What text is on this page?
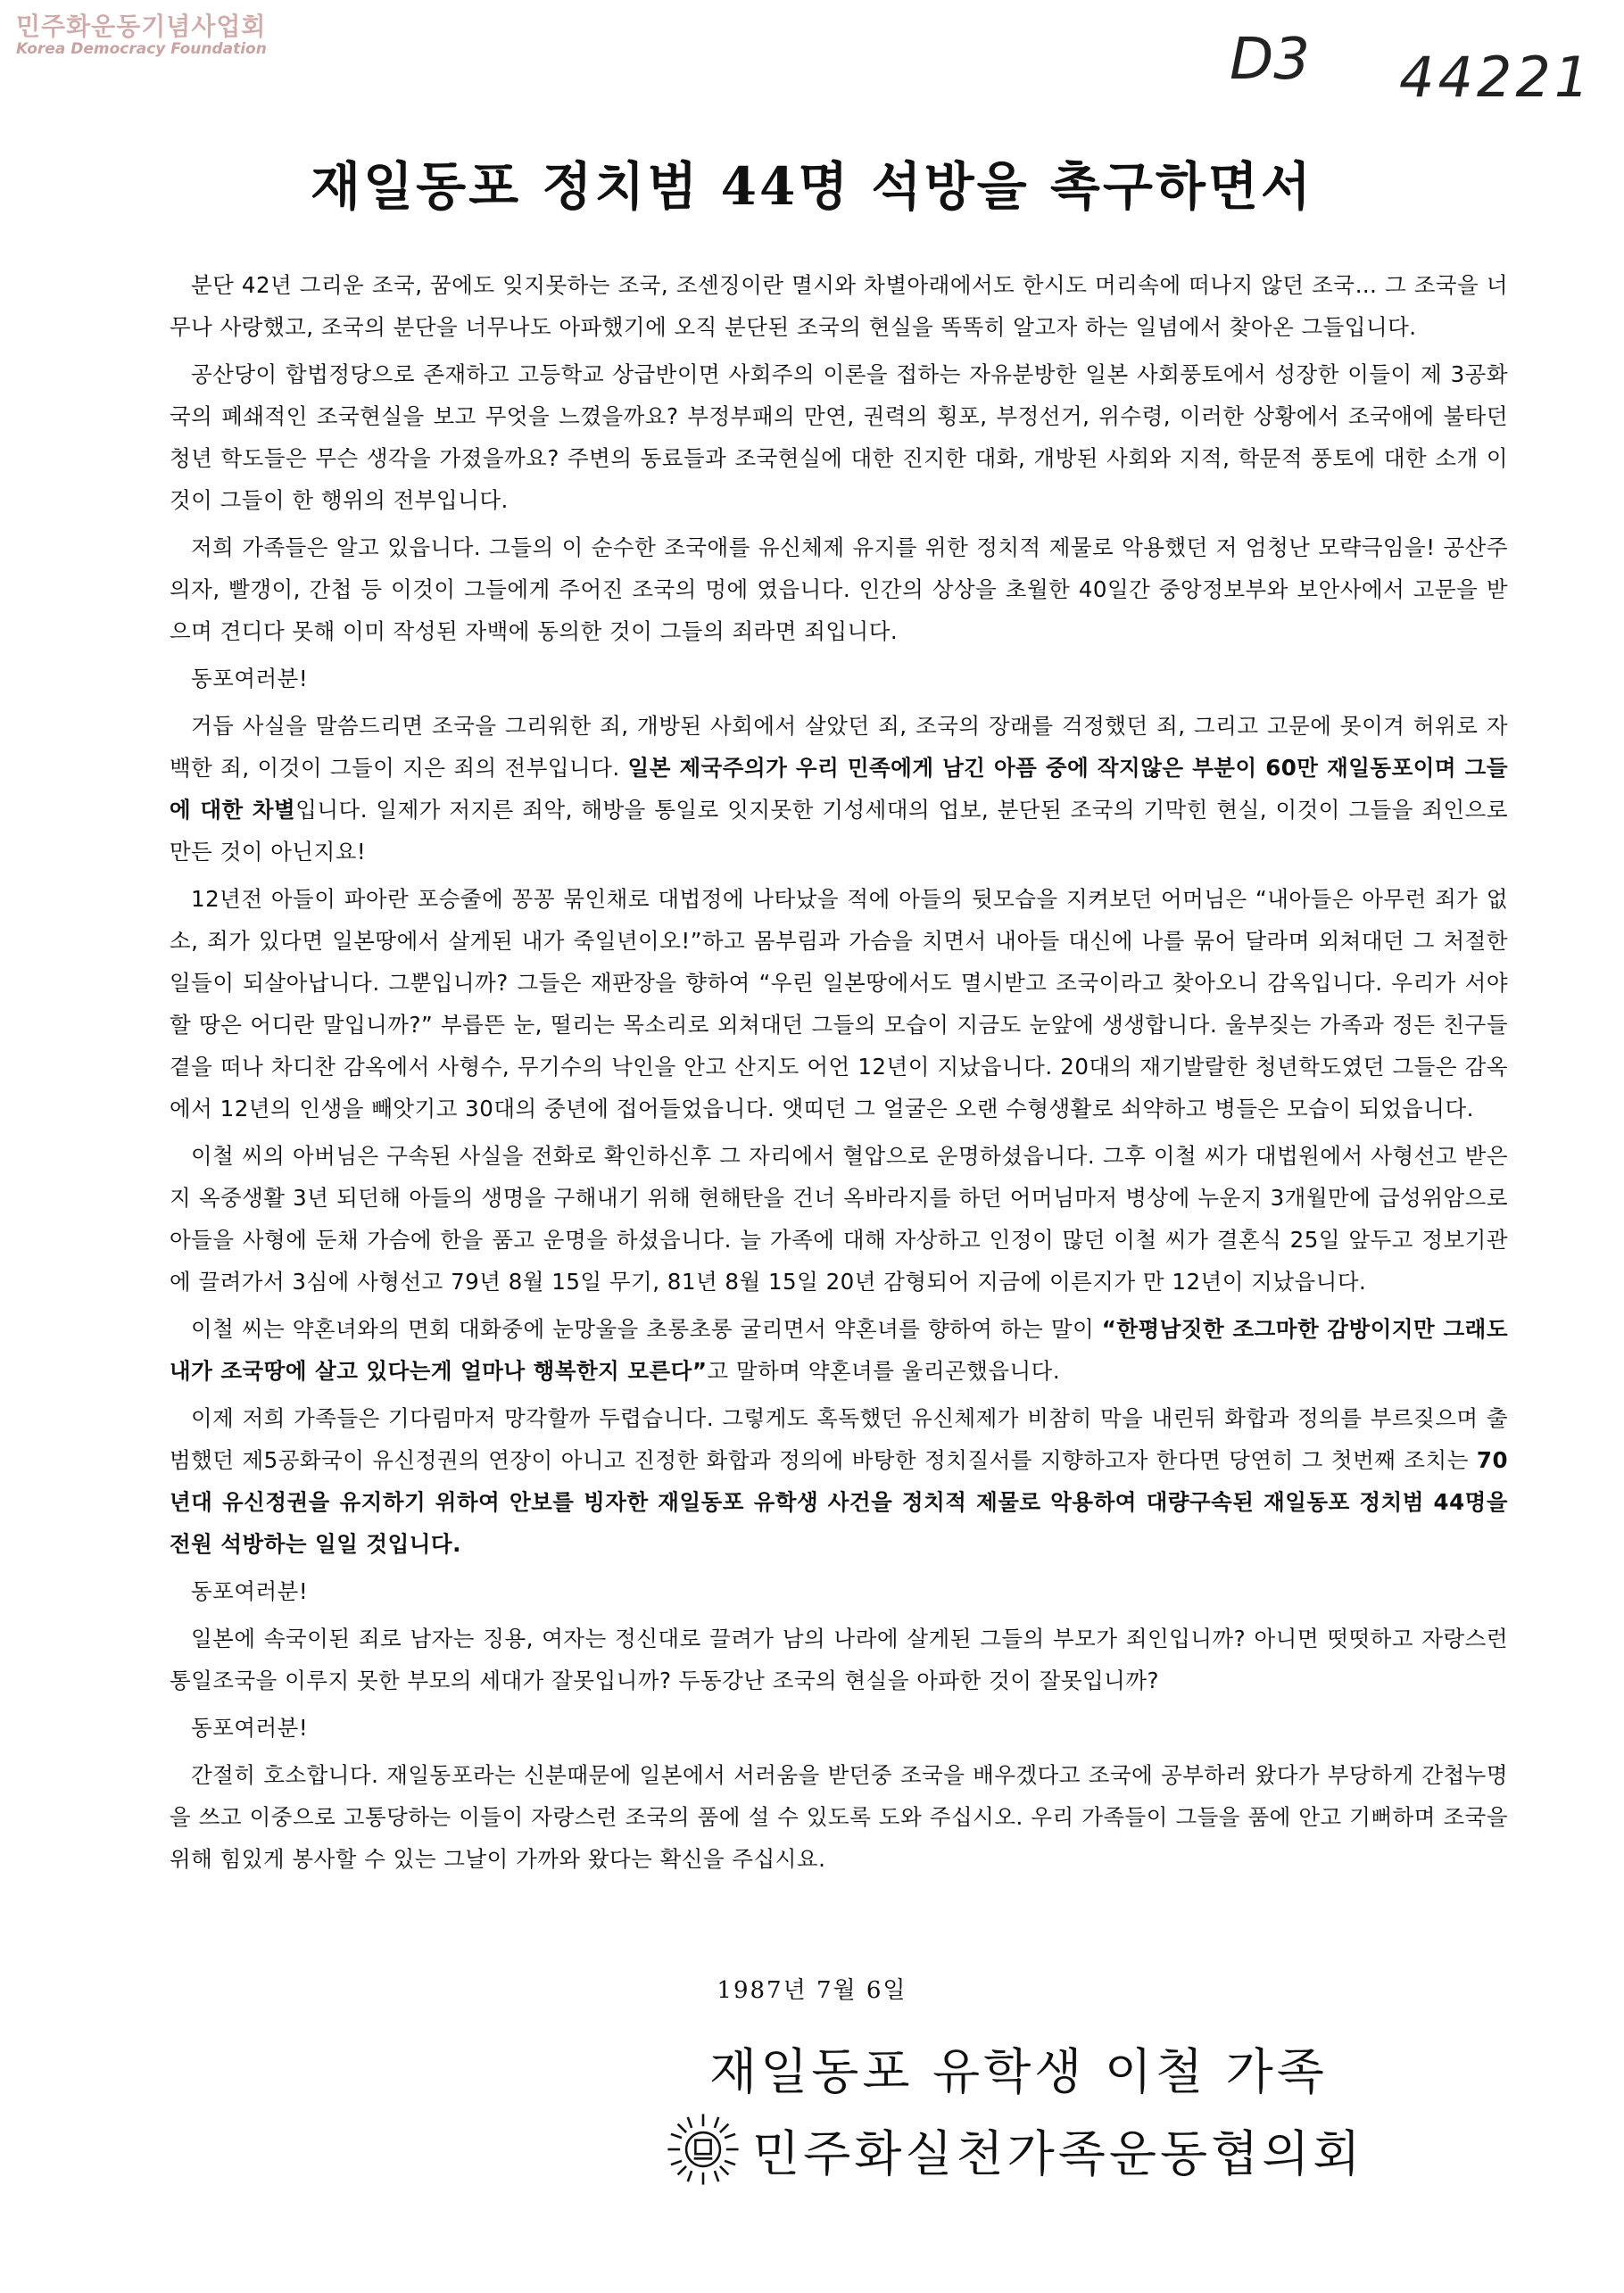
민주화운동기념사업회
Korea Democracy Foundation	D3 44221
재일동포 정치범 44명 석방을 촉구하면서

분단 42년 그리운 조국, 꿈에도 잊지못하는 조국, 조센징이란 멸시와 차별아래에서도 한시도 머리속에 떠나지 않던 조국… 그 조국을 너무나 사랑했고, 조국의 분단을 너무나도 아파했기에 오직 분단된 조국의 현실을 똑똑히 알고자 하는 일념에서 찾아온 그들입니다.

공산당이 합법정당으로 존재하고 고등학교 상급반이면 사회주의 이론을 접하는 자유분방한 일본 사회풍토에서 성장한 이들이 제 3공화국의 폐쇄적인 조국현실을 보고 무엇을 느꼈을까요? 부정부패의 만연, 권력의 횡포, 부정선거, 위수령, 이러한 상황에서 조국애에 불타던 청년 학도들은 무슨 생각을 가졌을까요? 주변의 동료들과 조국현실에 대한 진지한 대화, 개방된 사회와 지적, 학문적 풍토에 대한 소개 이것이 그들이 한 행위의 전부입니다.

저희 가족들은 알고 있읍니다. 그들의 이 순수한 조국애를 유신체제 유지를 위한 정치적 제물로 악용했던 저 엄청난 모략극임을! 공산주의자, 빨갱이, 간첩 등 이것이 그들에게 주어진 조국의 멍에 였읍니다. 인간의 상상을 초월한 40일간 중앙정보부와 보안사에서 고문을 받으며 견디다 못해 이미 작성된 자백에 동의한 것이 그들의 죄라면 죄입니다.

동포여러분!

거듭 사실을 말씀드리면 조국을 그리워한 죄, 개방된 사회에서 살았던 죄, 조국의 장래를 걱정했던 죄, 그리고 고문에 못이겨 허위로 자백한 죄, 이것이 그들이 지은 죄의 전부입니다. 일본 제국주의가 우리 민족에게 남긴 아픔 중에 작지않은 부분이 60만 재일동포이며 그들에 대한 차별입니다. 일제가 저지른 죄악, 해방을 통일로 잇지못한 기성세대의 업보, 분단된 조국의 기막힌 현실, 이것이 그들을 죄인으로 만든 것이 아닌지요!

12년전 아들이 파아란 포승줄에 꽁꽁 묶인채로 대법정에 나타났을 적에 아들의 뒷모습을 지켜보던 어머님은 “내아들은 아무런 죄가 없소, 죄가 있다면 일본땅에서 살게된 내가 죽일년이오!”하고 몸부림과 가슴을 치면서 내아들 대신에 나를 묶어 달라며 외쳐대던 그 처절한 일들이 되살아납니다. 그뿐입니까? 그들은 재판장을 향하여 “우린 일본땅에서도 멸시받고 조국이라고 찾아오니 감옥입니다. 우리가 서야할 땅은 어디란 말입니까?” 부릅뜬 눈, 떨리는 목소리로 외쳐대던 그들의 모습이 지금도 눈앞에 생생합니다. 울부짖는 가족과 정든 친구들 곁을 떠나 차디찬 감옥에서 사형수, 무기수의 낙인을 안고 산지도 어언 12년이 지났읍니다. 20대의 재기발랄한 청년학도였던 그들은 감옥에서 12년의 인생을 빼앗기고 30대의 중년에 접어들었읍니다. 앳띠던 그 얼굴은 오랜 수형생활로 쇠약하고 병들은 모습이 되었읍니다.

이철 씨의 아버님은 구속된 사실을 전화로 확인하신후 그 자리에서 혈압으로 운명하셨읍니다. 그후 이철 씨가 대법원에서 사형선고 받은지 옥중생활 3년 되던해 아들의 생명을 구해내기 위해 현해탄을 건너 옥바라지를 하던 어머님마저 병상에 누운지 3개월만에 급성위암으로 아들을 사형에 둔채 가슴에 한을 품고 운명을 하셨읍니다. 늘 가족에 대해 자상하고 인정이 많던 이철 씨가 결혼식 25일 앞두고 정보기관에 끌려가서 3심에 사형선고 79년 8월 15일 무기, 81년 8월 15일 20년 감형되어 지금에 이른지가 만 12년이 지났읍니다.

이철 씨는 약혼녀와의 면회 대화중에 눈망울을 초롱초롱 굴리면서 약혼녀를 향하여 하는 말이 “한평남짓한 조그마한 감방이지만 그래도 내가 조국땅에 살고 있다는게 얼마나 행복한지 모른다”고 말하며 약혼녀를 울리곤했읍니다.

이제 저희 가족들은 기다림마저 망각할까 두렵습니다. 그렇게도 혹독했던 유신체제가 비참히 막을 내린뒤 화합과 정의를 부르짖으며 출범했던 제5공화국이 유신정권의 연장이 아니고 진정한 화합과 정의에 바탕한 정치질서를 지향하고자 한다면 당연히 그 첫번째 조치는 70년대 유신정권을 유지하기 위하여 안보를 빙자한 재일동포 유학생 사건을 정치적 제물로 악용하여 대량구속된 재일동포 정치범 44명을 전원 석방하는 일일 것입니다.

동포여러분!

일본에 속국이된 죄로 남자는 징용, 여자는 정신대로 끌려가 남의 나라에 살게된 그들의 부모가 죄인입니까? 아니면 떳떳하고 자랑스런 통일조국을 이루지 못한 부모의 세대가 잘못입니까? 두동강난 조국의 현실을 아파한 것이 잘못입니까?

동포여러분!

간절히 호소합니다. 재일동포라는 신분때문에 일본에서 서러움을 받던중 조국을 배우겠다고 조국에 공부하러 왔다가 부당하게 간첩누명을 쓰고 이중으로 고통당하는 이들이 자랑스런 조국의 품에 설 수 있도록 도와 주십시오. 우리 가족들이 그들을 품에 안고 기뻐하며 조국을 위해 힘있게 봉사할 수 있는 그날이 가까와 왔다는 확신을 주십시요.

1987년 7월 6일
재일동포 유학생 이철 가족
민주화실천가족운동협의회
